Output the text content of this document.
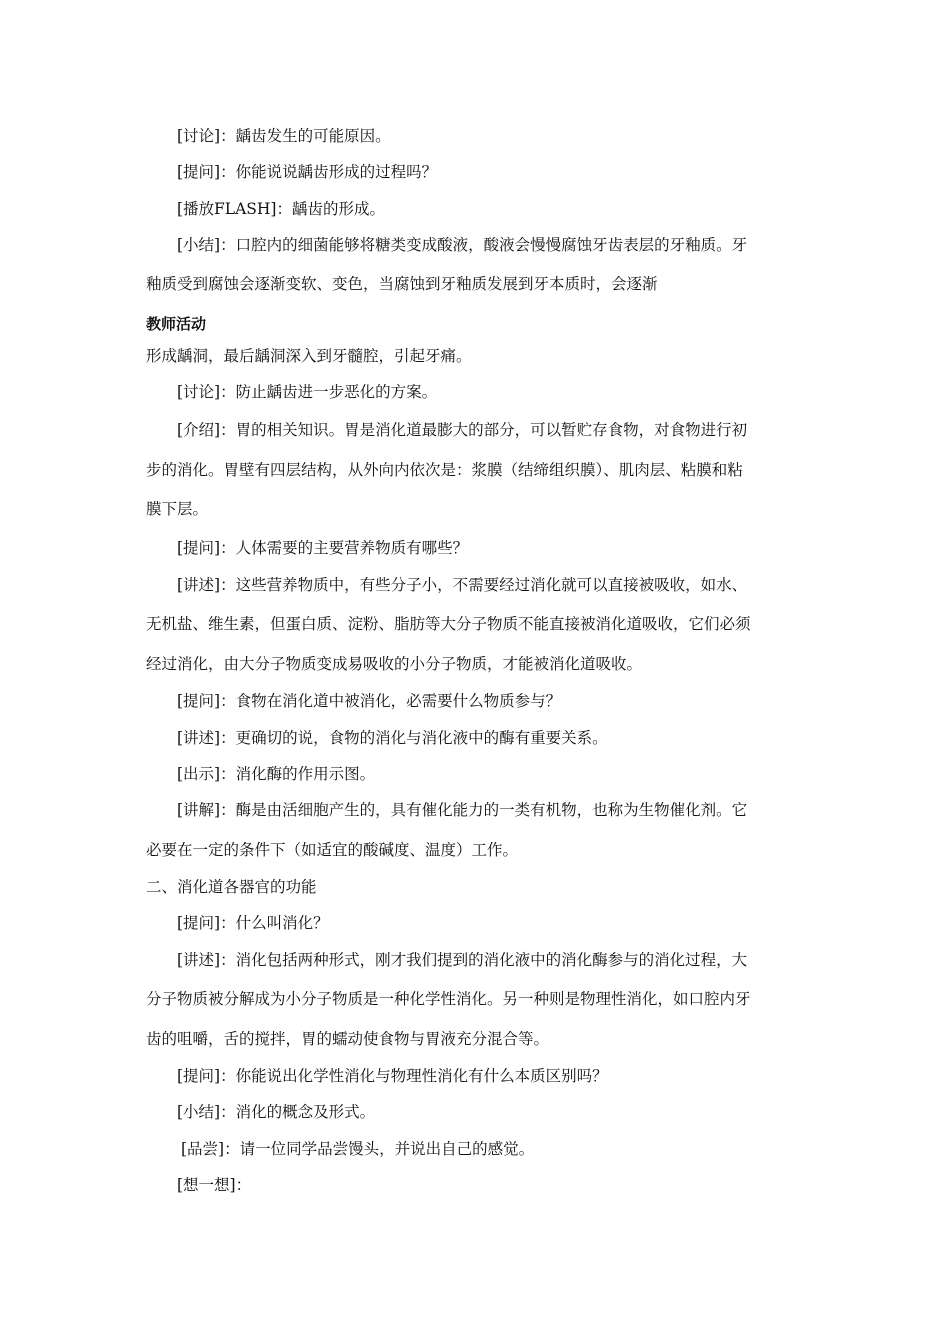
[讨论]：龋齿发生的可能原因。
[提问]：你能说说龋齿形成的过程吗？
[播放FLASH]：龋齿的形成。
[小结]：口腔内的细菌能够将糖类变成酸液，酸液会慢慢腐蚀牙齿表层的牙釉质。牙
釉质受到腐蚀会逐渐变软、变色，当腐蚀到牙釉质发展到牙本质时，会逐渐
教师活动
形成龋洞，最后龋洞深入到牙髓腔，引起牙痛。
[讨论]：防止龋齿进一步恶化的方案。
[介绍]：胃的相关知识。胃是消化道最膨大的部分，可以暂贮存食物，对食物进行初
步的消化。胃壁有四层结构，从外向内依次是：浆膜（结缔组织膜）、肌肉层、粘膜和粘
膜下层。
[提问]：人体需要的主要营养物质有哪些？
[讲述]：这些营养物质中，有些分子小，不需要经过消化就可以直接被吸收，如水、
无机盐、维生素，但蛋白质、淀粉、脂肪等大分子物质不能直接被消化道吸收，它们必须
经过消化，由大分子物质变成易吸收的小分子物质，才能被消化道吸收。
[提问]：食物在消化道中被消化，必需要什么物质参与？
[讲述]：更确切的说，食物的消化与消化液中的酶有重要关系。
[出示]：消化酶的作用示图。
[讲解]：酶是由活细胞产生的，具有催化能力的一类有机物，也称为生物催化剂。它
必要在一定的条件下（如适宜的酸碱度、温度）工作。
二、消化道各器官的功能
[提问]：什么叫消化？
[讲述]：消化包括两种形式，刚才我们提到的消化液中的消化酶参与的消化过程，大
分子物质被分解成为小分子物质是一种化学性消化。另一种则是物理性消化，如口腔内牙
齿的咀嚼，舌的搅拌，胃的蠕动使食物与胃液充分混合等。
[提问]：你能说出化学性消化与物理性消化有什么本质区别吗？
[小结]：消化的概念及形式。
[品尝]：请一位同学品尝馒头，并说出自己的感觉。
[想一想]：
